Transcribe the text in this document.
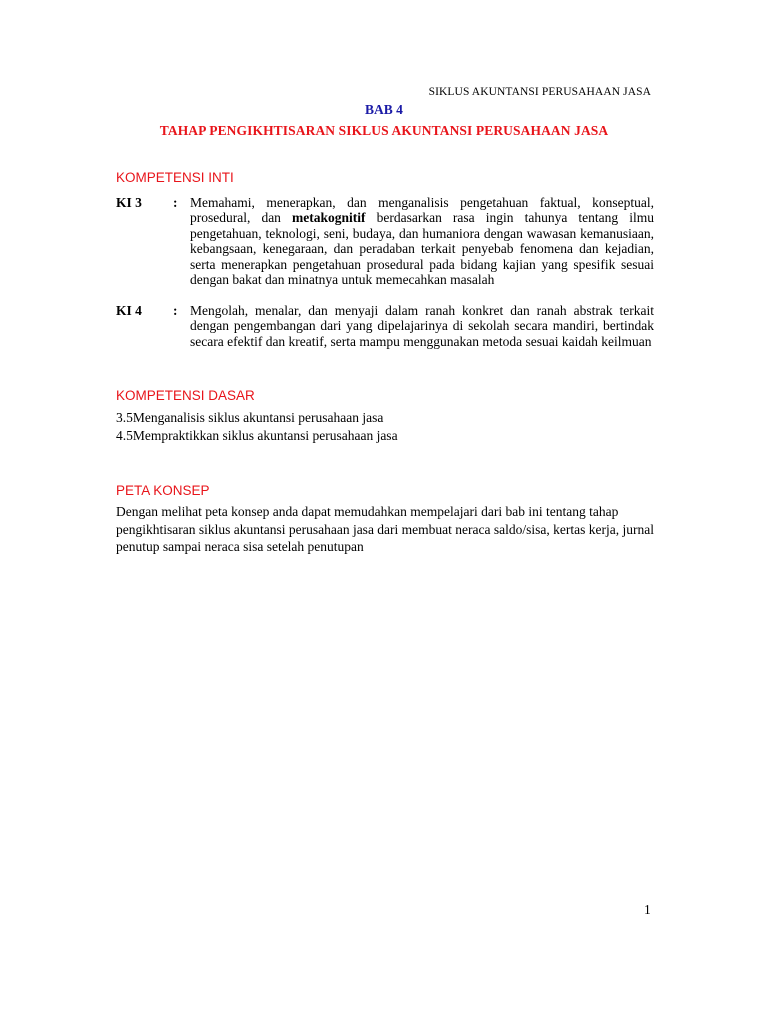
SIKLUS AKUNTANSI PERUSAHAAN JASA
BAB 4
TAHAP PENGIKHTISARAN SIKLUS AKUNTANSI PERUSAHAAN JASA
KOMPETENSI INTI
KI 3 : Memahami, menerapkan, dan menganalisis pengetahuan faktual, konseptual, prosedural, dan metakognitif berdasarkan rasa ingin tahunya tentang ilmu pengetahuan, teknologi, seni, budaya, dan humaniora dengan wawasan kemanusiaan, kebangsaan, kenegaraan, dan peradaban terkait penyebab fenomena dan kejadian, serta menerapkan pengetahuan prosedural pada bidang kajian yang spesifik sesuai dengan bakat dan minatnya untuk memecahkan masalah
KI 4 : Mengolah, menalar, dan menyaji dalam ranah konkret dan ranah abstrak terkait dengan pengembangan dari yang dipelajarinya di sekolah secara mandiri, bertindak secara efektif dan kreatif, serta mampu menggunakan metoda sesuai kaidah keilmuan
KOMPETENSI DASAR
3.5Menganalisis siklus akuntansi perusahaan jasa
4.5Mempraktikkan siklus akuntansi perusahaan jasa
PETA KONSEP
Dengan melihat peta konsep anda dapat memudahkan mempelajari dari bab ini tentang tahap pengikhtisaran siklus akuntansi perusahaan jasa dari membuat neraca saldo/sisa, kertas kerja, jurnal penutup sampai neraca sisa setelah penutupan
1
